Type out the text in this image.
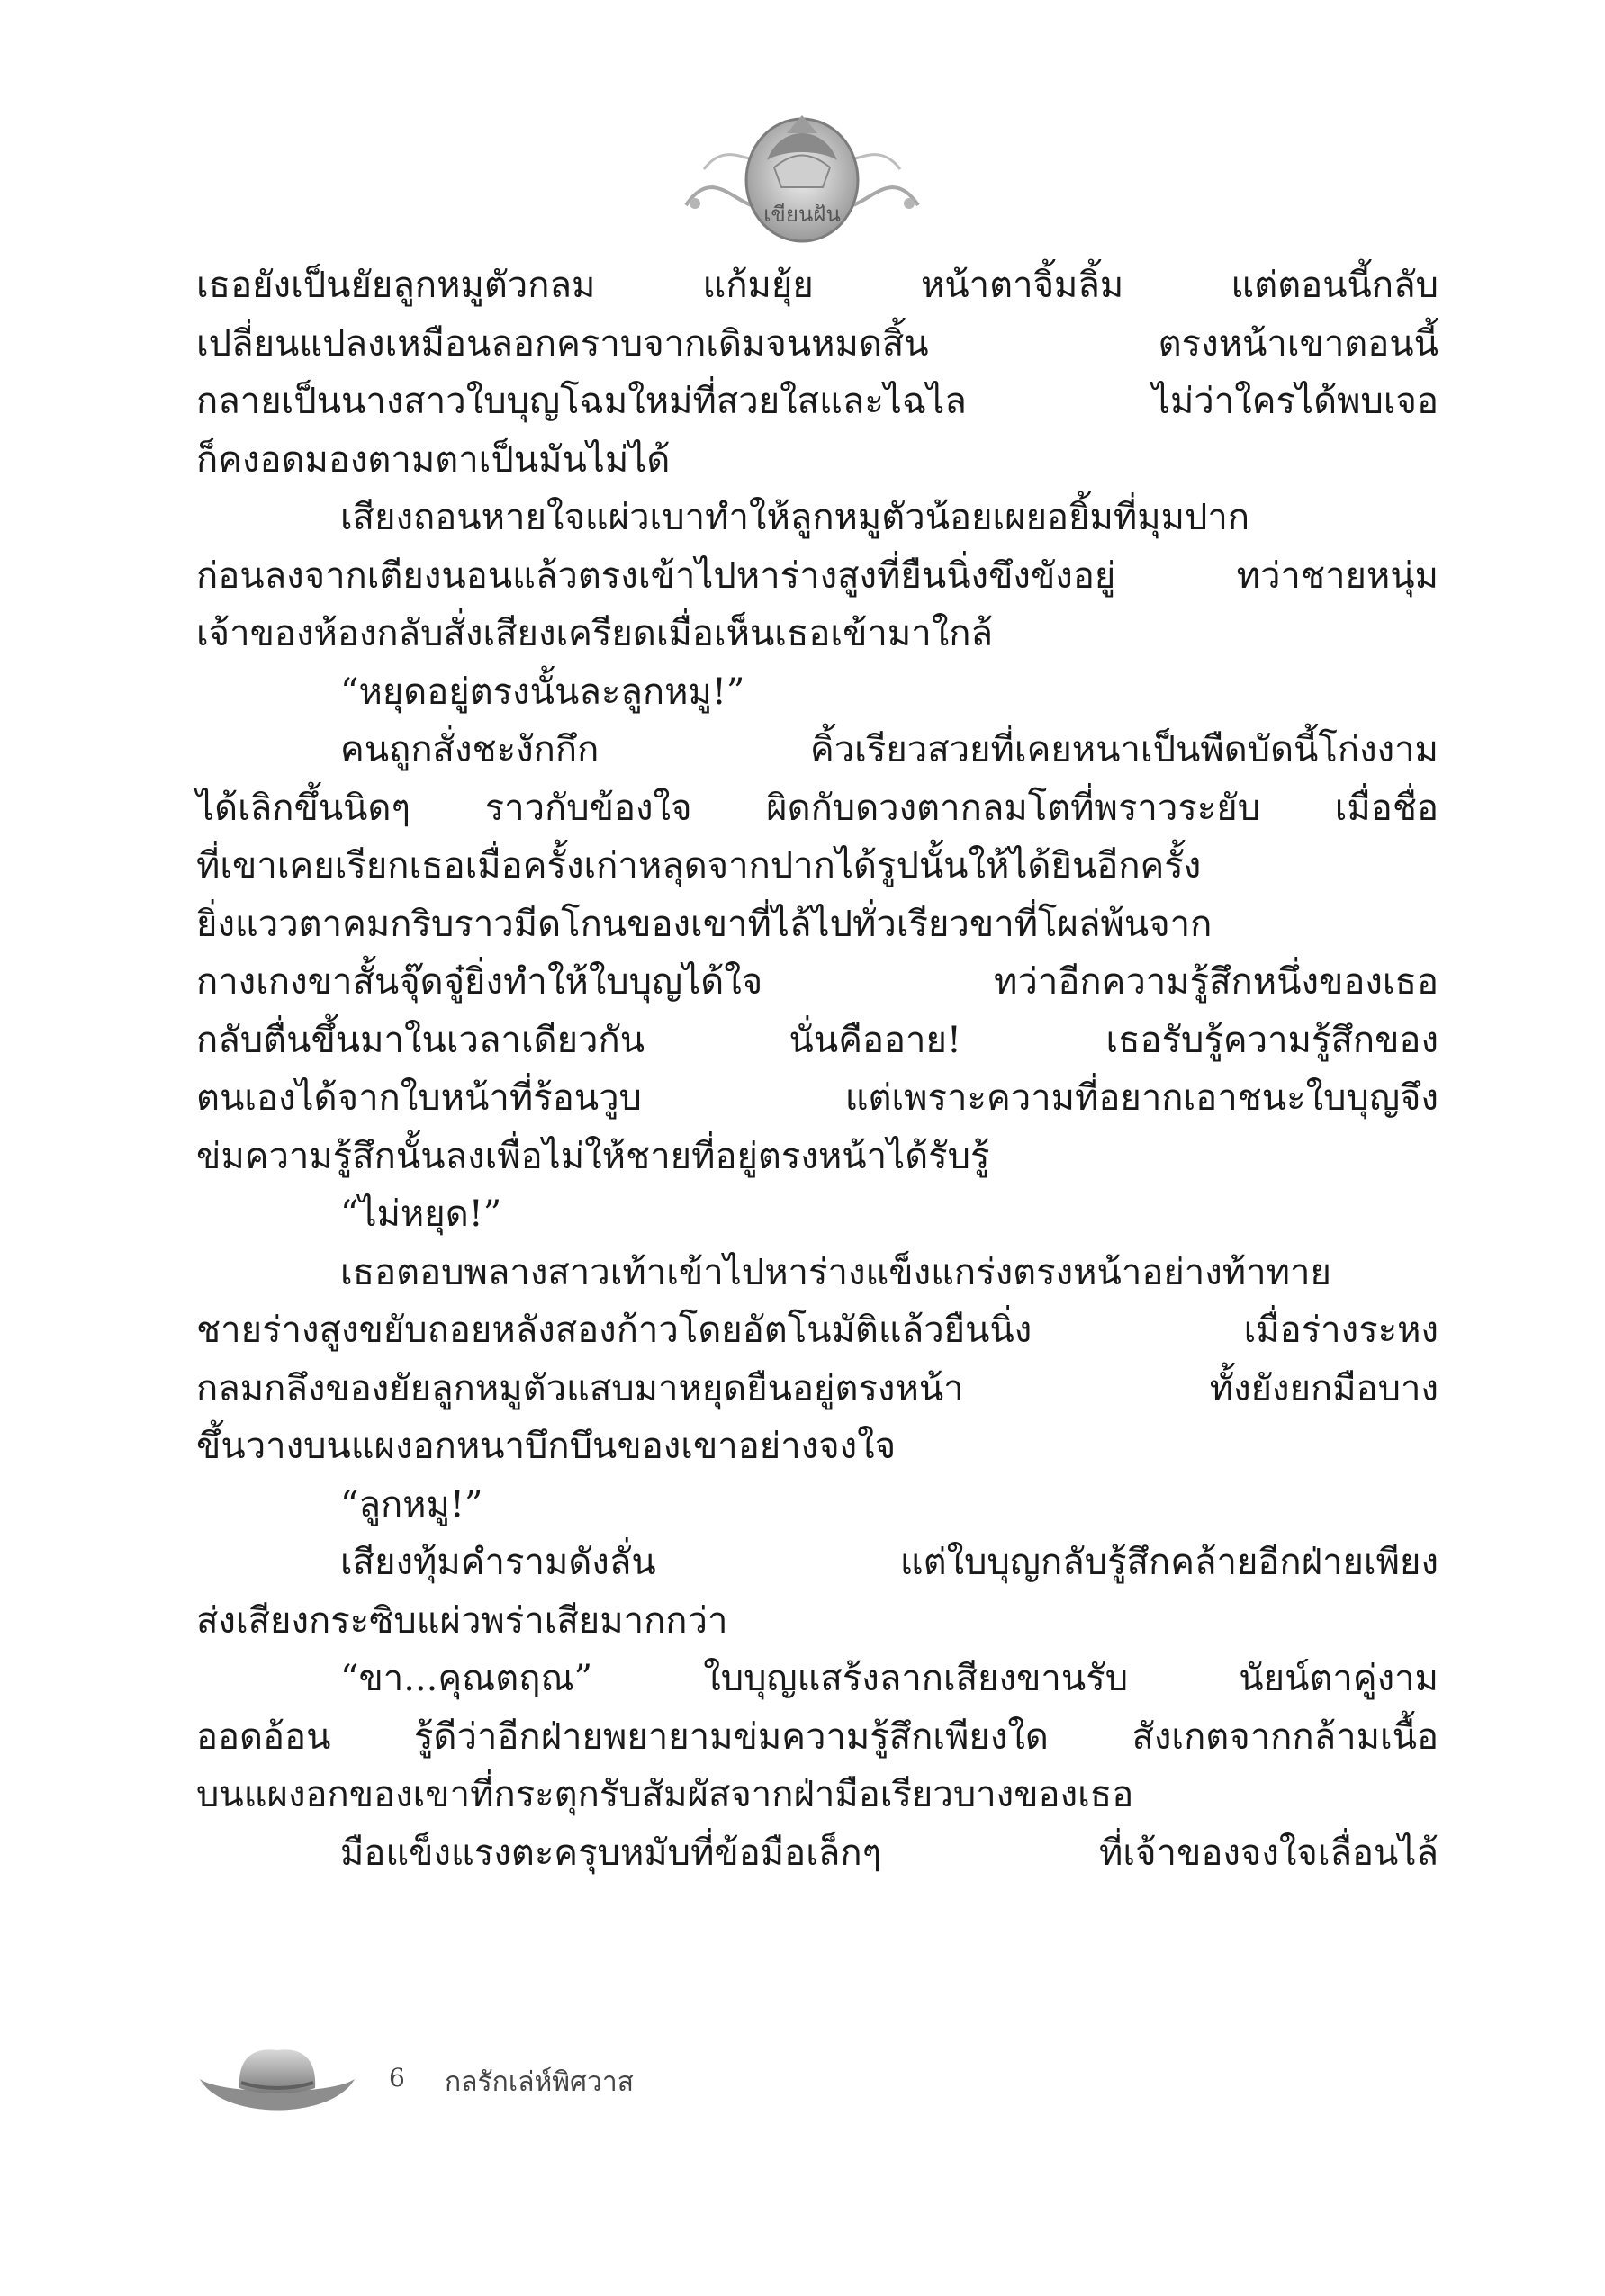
เขียนฝัน
เธอยังเป็นยัยลูกหมูตัวกลม แก้มยุ้ย หน้าตาจิ้มลิ้ม แต่ตอนนี้กลับ
เปลี่ยนแปลงเหมือนลอกคราบจากเดิมจนหมดสิ้น ตรงหน้าเขาตอนนี้
กลายเป็นนางสาวใบบุญโฉมใหม่ที่สวยใสและไฉไล ไม่ว่าใครได้พบเจอ
ก็คงอดมองตามตาเป็นมันไม่ได้
เสียงถอนหายใจแผ่วเบาทำให้ลูกหมูตัวน้อยเผยอยิ้มที่มุมปาก
ก่อนลงจากเตียงนอนแล้วตรงเข้าไปหาร่างสูงที่ยืนนิ่งขึงขังอยู่ ทว่าชายหนุ่ม
เจ้าของห้องกลับสั่งเสียงเครียดเมื่อเห็นเธอเข้ามาใกล้
“หยุดอยู่ตรงนั้นละลูกหมู!”
คนถูกสั่งชะงักกึก คิ้วเรียวสวยที่เคยหนาเป็นพืดบัดนี้โก่งงาม
ได้เลิกขึ้นนิดๆ ราวกับข้องใจ ผิดกับดวงตากลมโตที่พราวระยับ เมื่อชื่อ
ที่เขาเคยเรียกเธอเมื่อครั้งเก่าหลุดจากปากได้รูปนั้นให้ได้ยินอีกครั้ง
ยิ่งแววตาคมกริบราวมีดโกนของเขาที่ไล้ไปทั่วเรียวขาที่โผล่พ้นจาก
กางเกงขาสั้นจุ๊ดจู๋ยิ่งทำให้ใบบุญได้ใจ ทว่าอีกความรู้สึกหนึ่งของเธอ
กลับตื่นขึ้นมาในเวลาเดียวกัน นั่นคืออาย! เธอรับรู้ความรู้สึกของ
ตนเองได้จากใบหน้าที่ร้อนวูบ แต่เพราะความที่อยากเอาชนะใบบุญจึง
ข่มความรู้สึกนั้นลงเพื่อไม่ให้ชายที่อยู่ตรงหน้าได้รับรู้
“ไม่หยุด!”
เธอตอบพลางสาวเท้าเข้าไปหาร่างแข็งแกร่งตรงหน้าอย่างท้าทาย
ชายร่างสูงขยับถอยหลังสองก้าวโดยอัตโนมัติแล้วยืนนิ่ง เมื่อร่างระหง
กลมกลึงของยัยลูกหมูตัวแสบมาหยุดยืนอยู่ตรงหน้า ทั้งยังยกมือบาง
ขึ้นวางบนแผงอกหนาบึกบึนของเขาอย่างจงใจ
“ลูกหมู!”
เสียงทุ้มคำรามดังลั่น แต่ใบบุญกลับรู้สึกคล้ายอีกฝ่ายเพียง
ส่งเสียงกระซิบแผ่วพร่าเสียมากกว่า
“ขา...คุณตฤณ” ใบบุญแสร้งลากเสียงขานรับ นัยน์ตาคู่งาม
ออดอ้อน รู้ดีว่าอีกฝ่ายพยายามข่มความรู้สึกเพียงใด สังเกตจากกล้ามเนื้อ
บนแผงอกของเขาที่กระตุกรับสัมผัสจากฝ่ามือเรียวบางของเธอ
มือแข็งแรงตะครุบหมับที่ข้อมือเล็กๆ ที่เจ้าของจงใจเลื่อนไล้
6 กลรักเล่ห์พิศวาส
